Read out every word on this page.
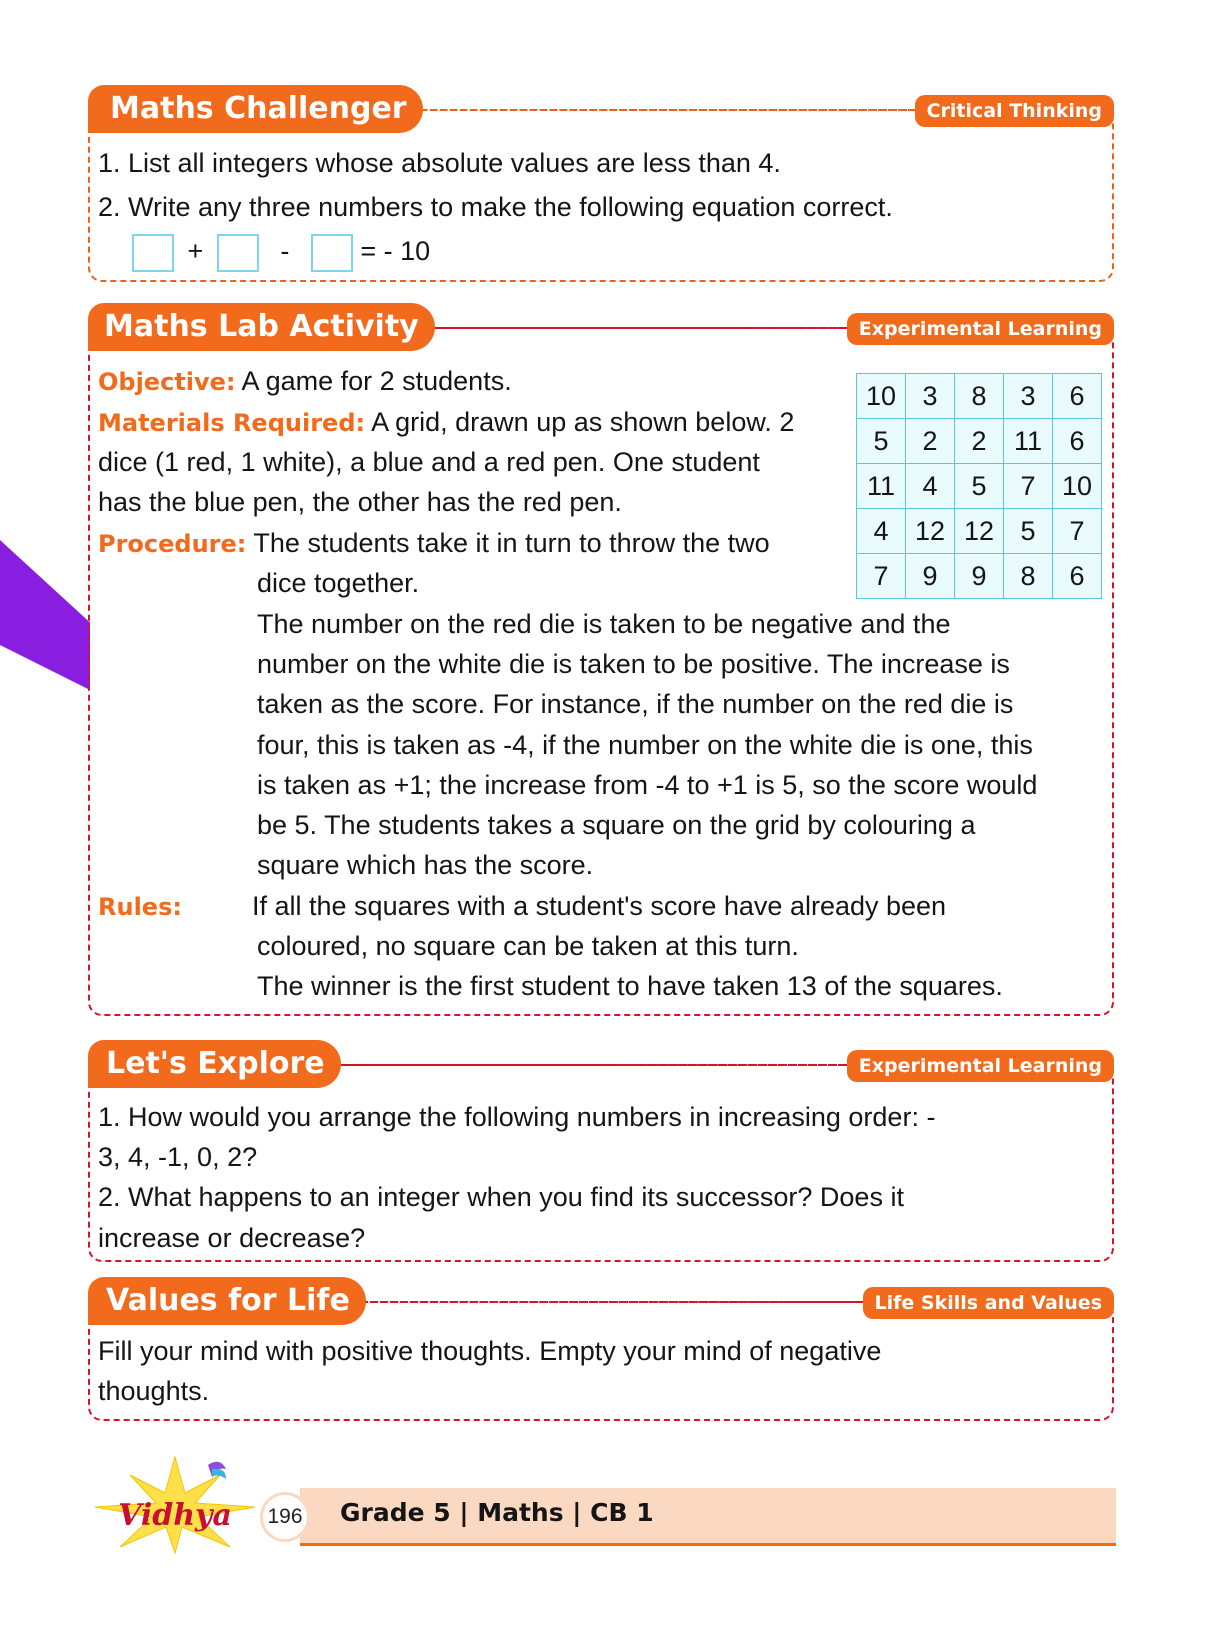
Maths Challenger	Critical Thinking
1. List all integers whose absolute values are less than 4.
2. Write any three numbers to make the following equation correct.
+	-	= - 10
Maths Lab Activity	Experimental Learning
Objective: A game for 2 students.
Materials Required: A grid, drawn up as shown below. 2
dice (1 red, 1 white), a blue and a red pen. One student
has the blue pen, the other has the red pen.
Procedure: The students take it in turn to throw the two
dice together.
The number on the red die is taken to be negative and the
number on the white die is taken to be positive. The increase is
taken as the score. For instance, if the number on the red die is
four, this is taken as -4, if the number on the white die is one, this
is taken as +1; the increase from -4 to +1 is 5, so the score would
be 5. The students takes a square on the grid by colouring a
square which has the score.
Rules:	If all the squares with a student's score have already been
coloured, no square can be taken at this turn.
The winner is the first student to have taken 13 of the squares.
10	3	8	3	6
5	2	2	11	6
11	4	5	7	10
4	12	12	5	7
7	9	9	8	6
Let's Explore	Experimental Learning
1. How would you arrange the following numbers in increasing order: -
3, 4, -1, 0, 2?
2. What happens to an integer when you find its successor? Does it
increase or decrease?
Values for Life	Life Skills and Values
Fill your mind with positive thoughts. Empty your mind of negative
thoughts.
Vidhya	196 Grade 5 | Maths | CB 1
